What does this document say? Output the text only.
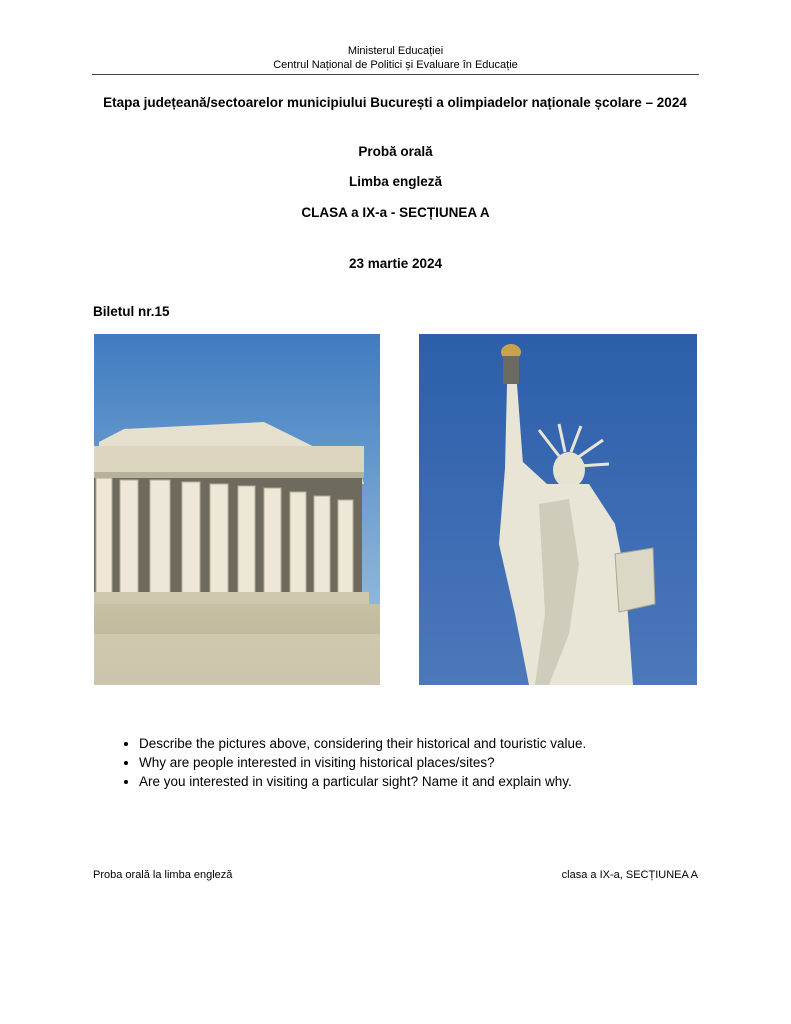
Ministerul Educației
Centrul Național de Politici și Evaluare în Educație
Etapa județeană/sectoarelor municipiului București a olimpiadelor naționale școlare – 2024
Probă orală
Limba engleză
CLASA a IX-a - SECȚIUNEA A
23 martie 2024
Biletul nr.15
• Describe the pictures above, considering their historical and touristic value.
• Why are people interested in visiting historical places/sites?
• Are you interested in visiting a particular sight? Name it and explain why.
Proba orală la limba engleză	clasa a IX-a, SECȚIUNEA A
